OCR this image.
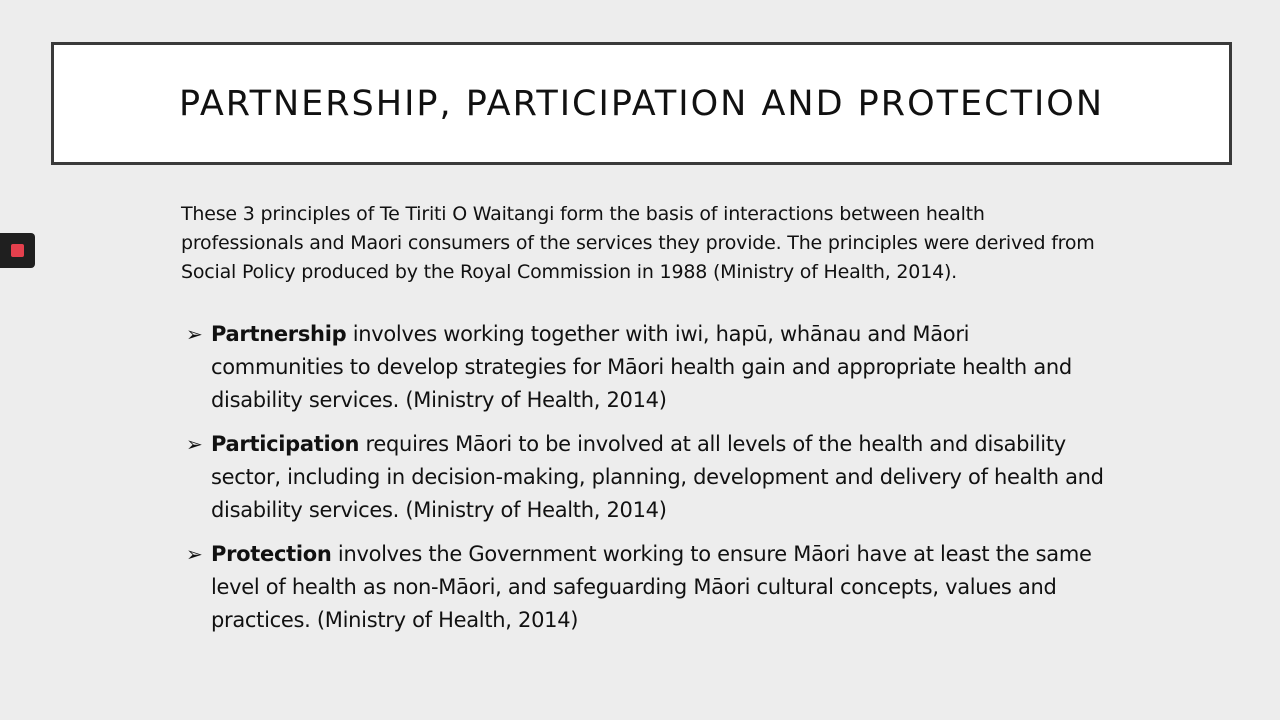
PARTNERSHIP, PARTICIPATION AND PROTECTION
These 3 principles of Te Tiriti O Waitangi form the basis of interactions between health professionals and Maori consumers of the services they provide. The principles were derived from Social Policy produced by the Royal Commission in 1988 (Ministry of Health, 2014).
➢ Partnership involves working together with iwi, hapū, whānau and Māori communities to develop strategies for Māori health gain and appropriate health and disability services. (Ministry of Health, 2014)
➢ Participation requires Māori to be involved at all levels of the health and disability sector, including in decision-making, planning, development and delivery of health and disability services. (Ministry of Health, 2014)
➢ Protection involves the Government working to ensure Māori have at least the same level of health as non-Māori, and safeguarding Māori cultural concepts, values and practices. (Ministry of Health, 2014)
